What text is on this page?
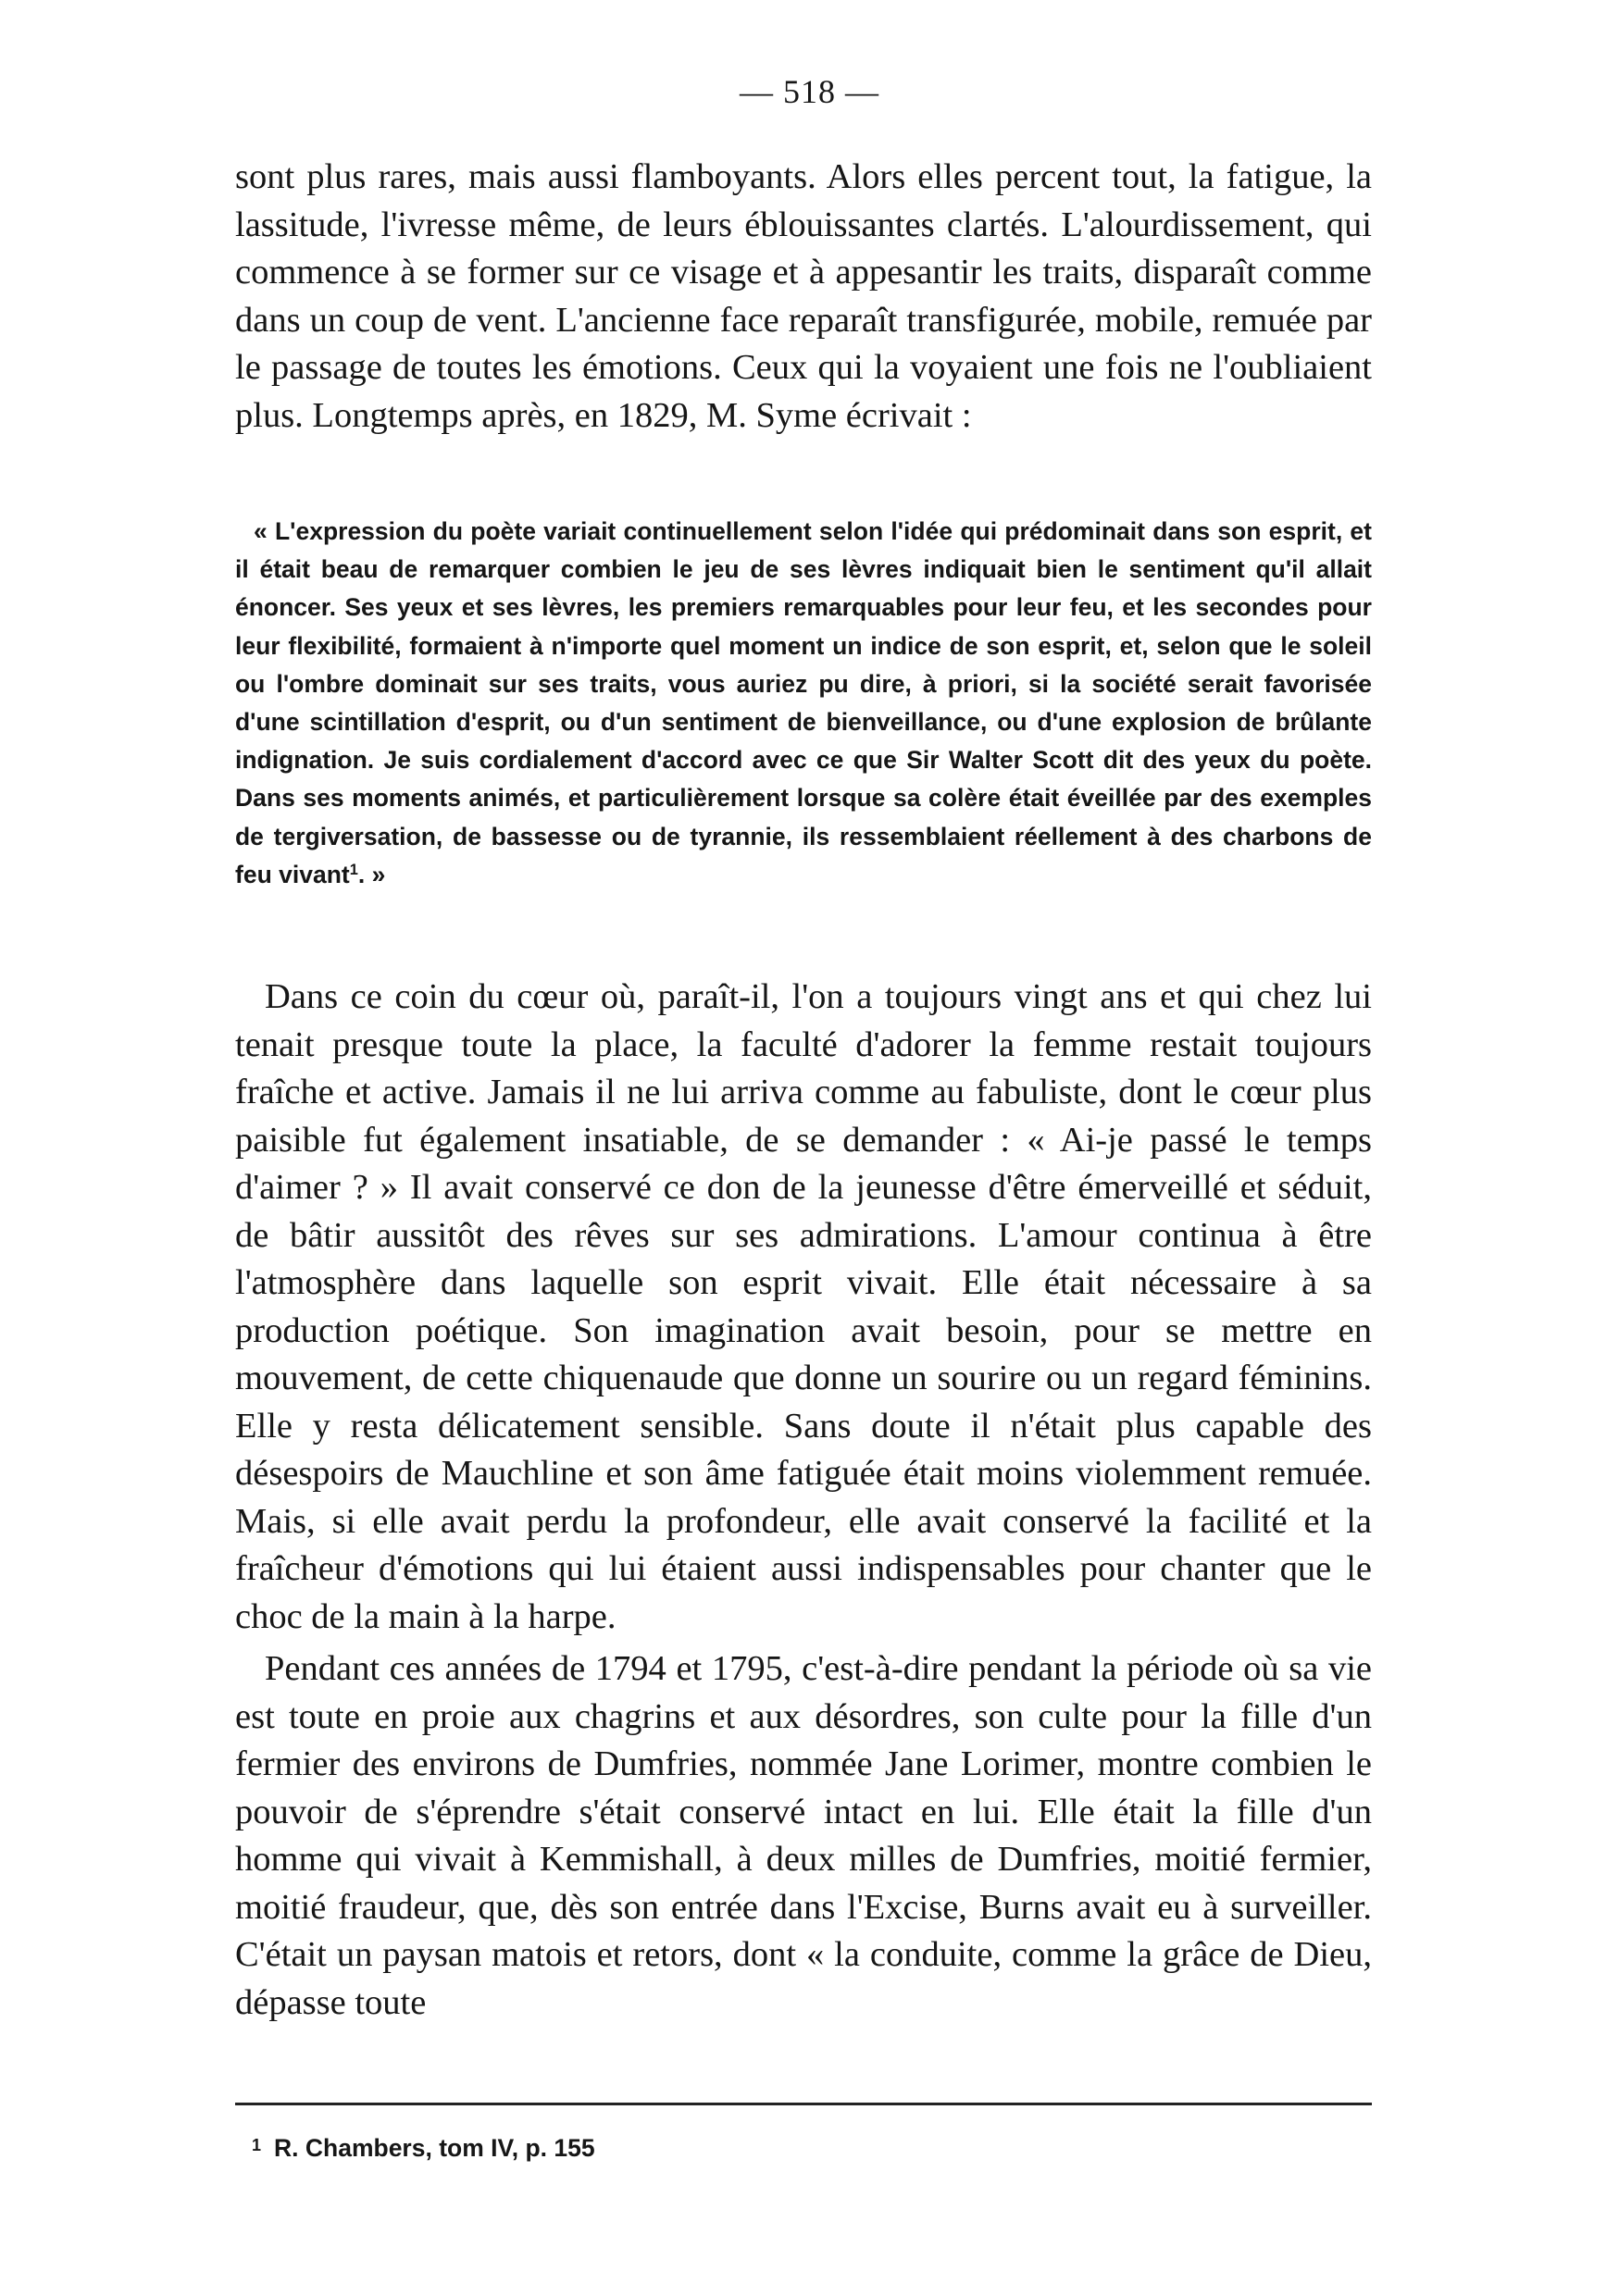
— 518 —

sont plus rares, mais aussi flamboyants. Alors elles percent tout, la fatigue, la lassitude, l'ivresse même, de leurs éblouissantes clartés. L'alourdissement, qui commence à se former sur ce visage et à appesantir les traits, disparaît comme dans un coup de vent. L'ancienne face reparaît transfigurée, mobile, remuée par le passage de toutes les émotions. Ceux qui la voyaient une fois ne l'oubliaient plus. Longtemps après, en 1829, M. Syme écrivait :

« L'expression du poète variait continuellement selon l'idée qui prédominait dans son esprit, et il était beau de remarquer combien le jeu de ses lèvres indiquait bien le sentiment qu'il allait énoncer. Ses yeux et ses lèvres, les premiers remarquables pour leur feu, et les secondes pour leur flexibilité, formaient à n'importe quel moment un indice de son esprit, et, selon que le soleil ou l'ombre dominait sur ses traits, vous auriez pu dire, à priori, si la société serait favorisée d'une scintillation d'esprit, ou d'un sentiment de bienveillance, ou d'une explosion de brûlante indignation. Je suis cordialement d'accord avec ce que Sir Walter Scott dit des yeux du poète. Dans ses moments animés, et particulièrement lorsque sa colère était éveillée par des exemples de tergiversation, de bassesse ou de tyrannie, ils ressemblaient réellement à des charbons de feu vivant$^1$. »

Dans ce coin du cœur où, paraît-il, l'on a toujours vingt ans et qui chez lui tenait presque toute la place, la faculté d'adorer la femme restait toujours fraîche et active. Jamais il ne lui arriva comme au fabuliste, dont le cœur plus paisible fut également insatiable, de se demander : « Ai-je passé le temps d'aimer ? » Il avait conservé ce don de la jeunesse d'être émerveillé et séduit, de bâtir aussitôt des rêves sur ses admirations. L'amour continua à être l'atmosphère dans laquelle son esprit vivait. Elle était nécessaire à sa production poétique. Son imagination avait besoin, pour se mettre en mouvement, de cette chiquenaude que donne un sourire ou un regard féminins. Elle y resta délicatement sensible. Sans doute il n'était plus capable des désespoirs de Mauchline et son âme fatiguée était moins violemment remuée. Mais, si elle avait perdu la profondeur, elle avait conservé la facilité et la fraîcheur d'émotions qui lui étaient aussi indispensables pour chanter que le choc de la main à la harpe.

Pendant ces années de 1794 et 1795, c'est-à-dire pendant la période où sa vie est toute en proie aux chagrins et aux désordres, son culte pour la fille d'un fermier des environs de Dumfries, nommée Jane Lorimer, montre combien le pouvoir de s'éprendre s'était conservé intact en lui. Elle était la fille d'un homme qui vivait à Kemmishall, à deux milles de Dumfries, moitié fermier, moitié fraudeur, que, dès son entrée dans l'Excise, Burns avait eu à surveiller. C'était un paysan matois et retors, dont « la conduite, comme la grâce de Dieu, dépasse toute

$^1$ R. Chambers, tom IV, p. 155
